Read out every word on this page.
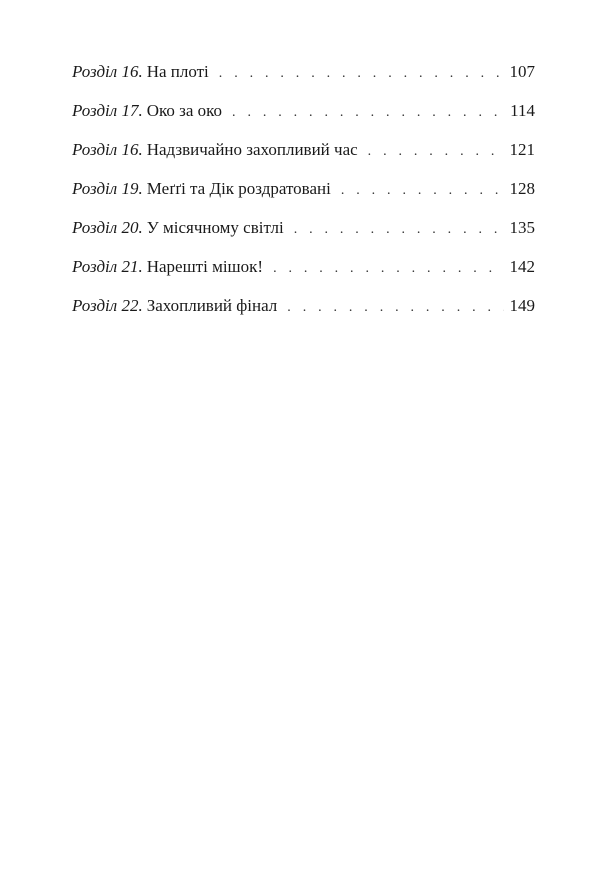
Розділ 16. На плоті . . .	107
Розділ 17. Око за око . . .	114
Розділ 16. Надзвичайно захопливий час . . .	121
Розділ 19. Меґґі та Дік роздратовані . . .	128
Розділ 20. У місячному світлі . . .	135
Розділ 21. Нарешті мішок! . . .	142
Розділ 22. Захопливий фінал . . .	149
